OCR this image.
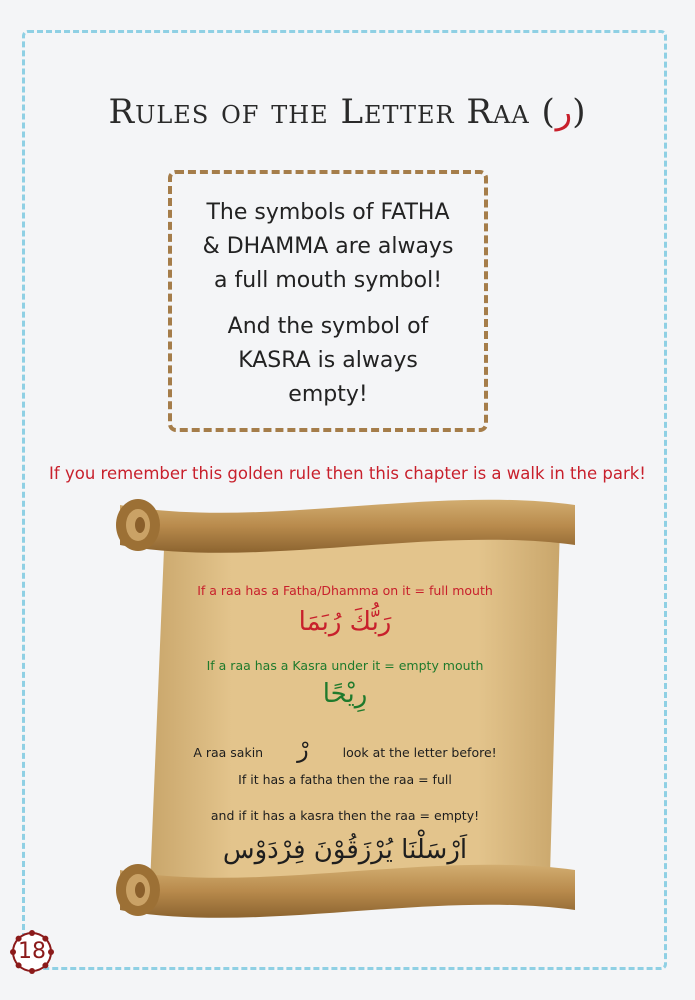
Rules of the Letter Raa (ر)

The symbols of FATHA
& DHAMMA are always
a full mouth symbol!

And the symbol of
KASRA is always
empty!

If you remember this golden rule then this chapter is a walk in the park!
If a raa has a Fatha/Dhamma on it = full mouth
رَبُّكَ رُبَمَا
If a raa has a Kasra under it = empty mouth
رِيْحًا
A raa sakin رْ	look at the letter before!
If it has a fatha then the raa = full
and if it has a kasra then the raa = empty!
اَرْسَلْنَا يُرْزَقُوْنَ فِرْدَوْس
18
